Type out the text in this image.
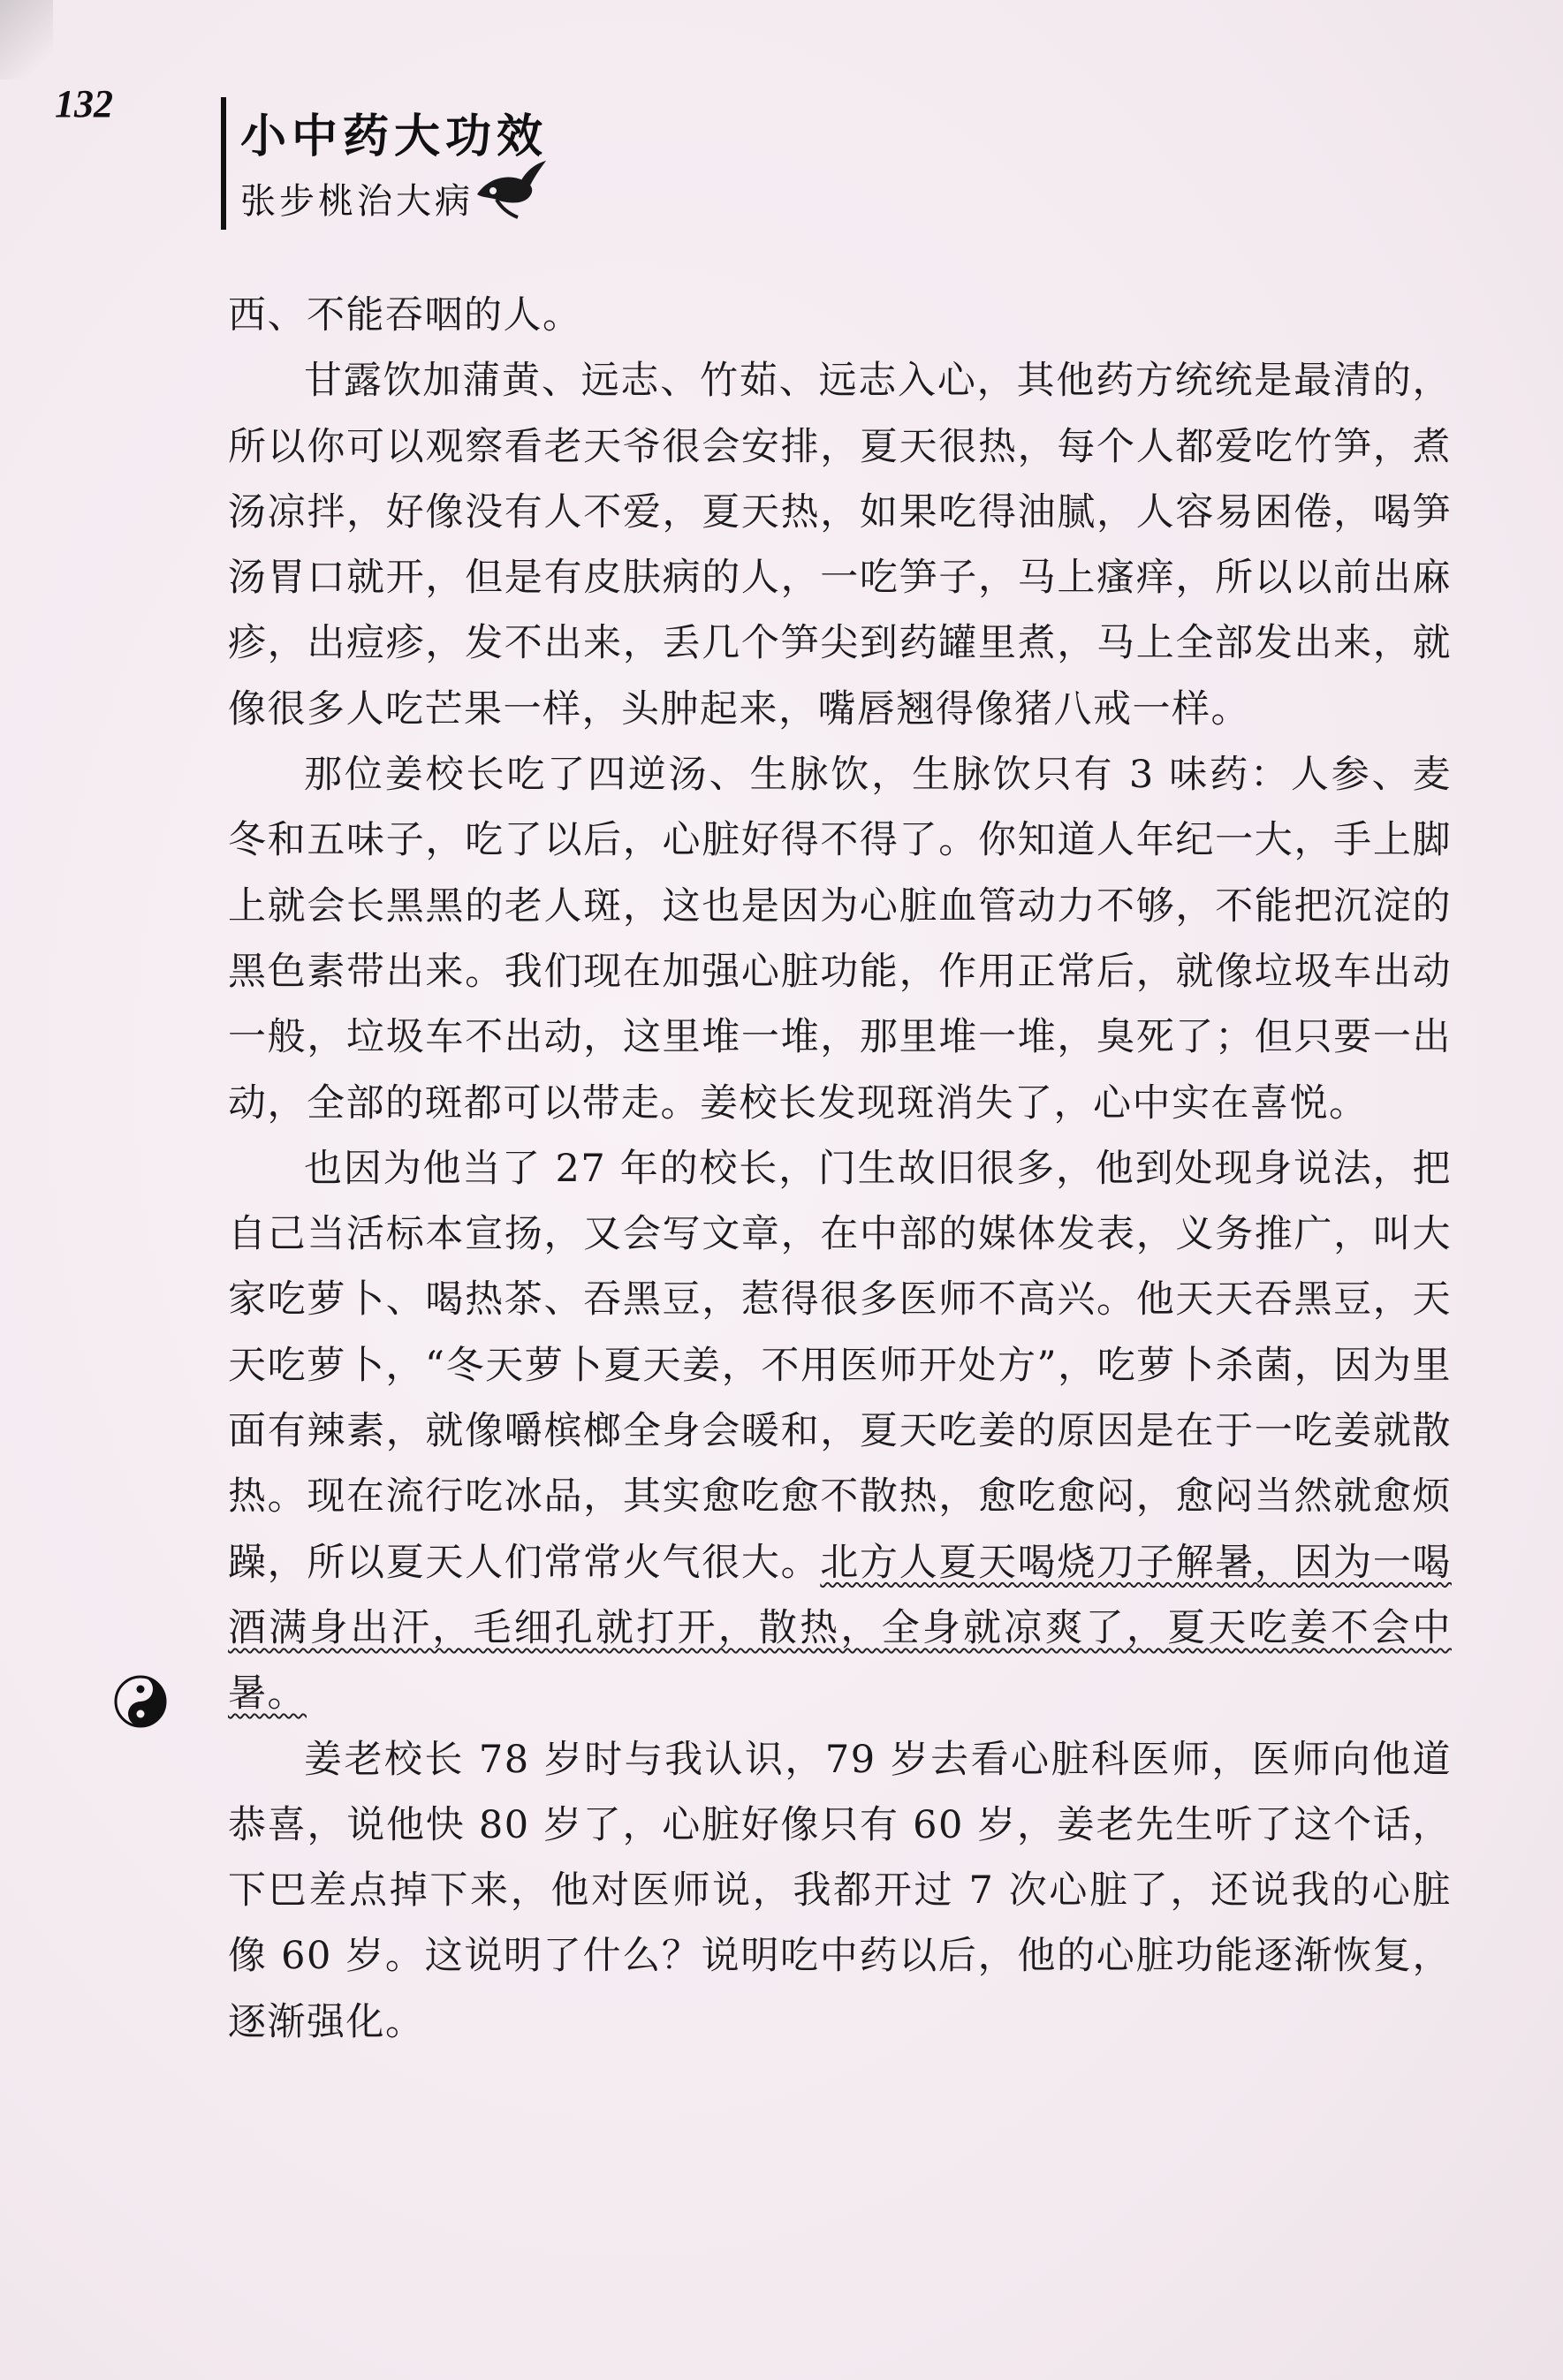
132
小中药大功效
张步桃治大病

西、不能吞咽的人。

甘露饮加蒲黄、远志、竹茹、远志入心，其他药方统统是最清的，所以你可以观察看老天爷很会安排，夏天很热，每个人都爱吃竹笋，煮汤凉拌，好像没有人不爱，夏天热，如果吃得油腻，人容易困倦，喝笋汤胃口就开，但是有皮肤病的人，一吃笋子，马上瘙痒，所以以前出麻疹，出痘疹，发不出来，丢几个笋尖到药罐里煮，马上全部发出来，就像很多人吃芒果一样，头肿起来，嘴唇翘得像猪八戒一样。

那位姜校长吃了四逆汤、生脉饮，生脉饮只有 3 味药：人参、麦冬和五味子，吃了以后，心脏好得不得了。你知道人年纪一大，手上脚上就会长黑黑的老人斑，这也是因为心脏血管动力不够，不能把沉淀的黑色素带出来。我们现在加强心脏功能，作用正常后，就像垃圾车出动一般，垃圾车不出动，这里堆一堆，那里堆一堆，臭死了；但只要一出动，全部的斑都可以带走。姜校长发现斑消失了，心中实在喜悦。

也因为他当了 27 年的校长，门生故旧很多，他到处现身说法，把自己当活标本宣扬，又会写文章，在中部的媒体发表，义务推广，叫大家吃萝卜、喝热茶、吞黑豆，惹得很多医师不高兴。他天天吞黑豆，天天吃萝卜，“冬天萝卜夏天姜，不用医师开处方”，吃萝卜杀菌，因为里面有辣素，就像嚼槟榔全身会暖和，夏天吃姜的原因是在于一吃姜就散热。现在流行吃冰品，其实愈吃愈不散热，愈吃愈闷，愈闷当然就愈烦躁，所以夏天人们常常火气很大。北方人夏天喝烧刀子解暑，因为一喝酒满身出汗，毛细孔就打开，散热，全身就凉爽了，夏天吃姜不会中暑。

姜老校长 78 岁时与我认识，79 岁去看心脏科医师，医师向他道恭喜，说他快 80 岁了，心脏好像只有 60 岁，姜老先生听了这个话，下巴差点掉下来，他对医师说，我都开过 7 次心脏了，还说我的心脏像 60 岁。这说明了什么？说明吃中药以后，他的心脏功能逐渐恢复，逐渐强化。
